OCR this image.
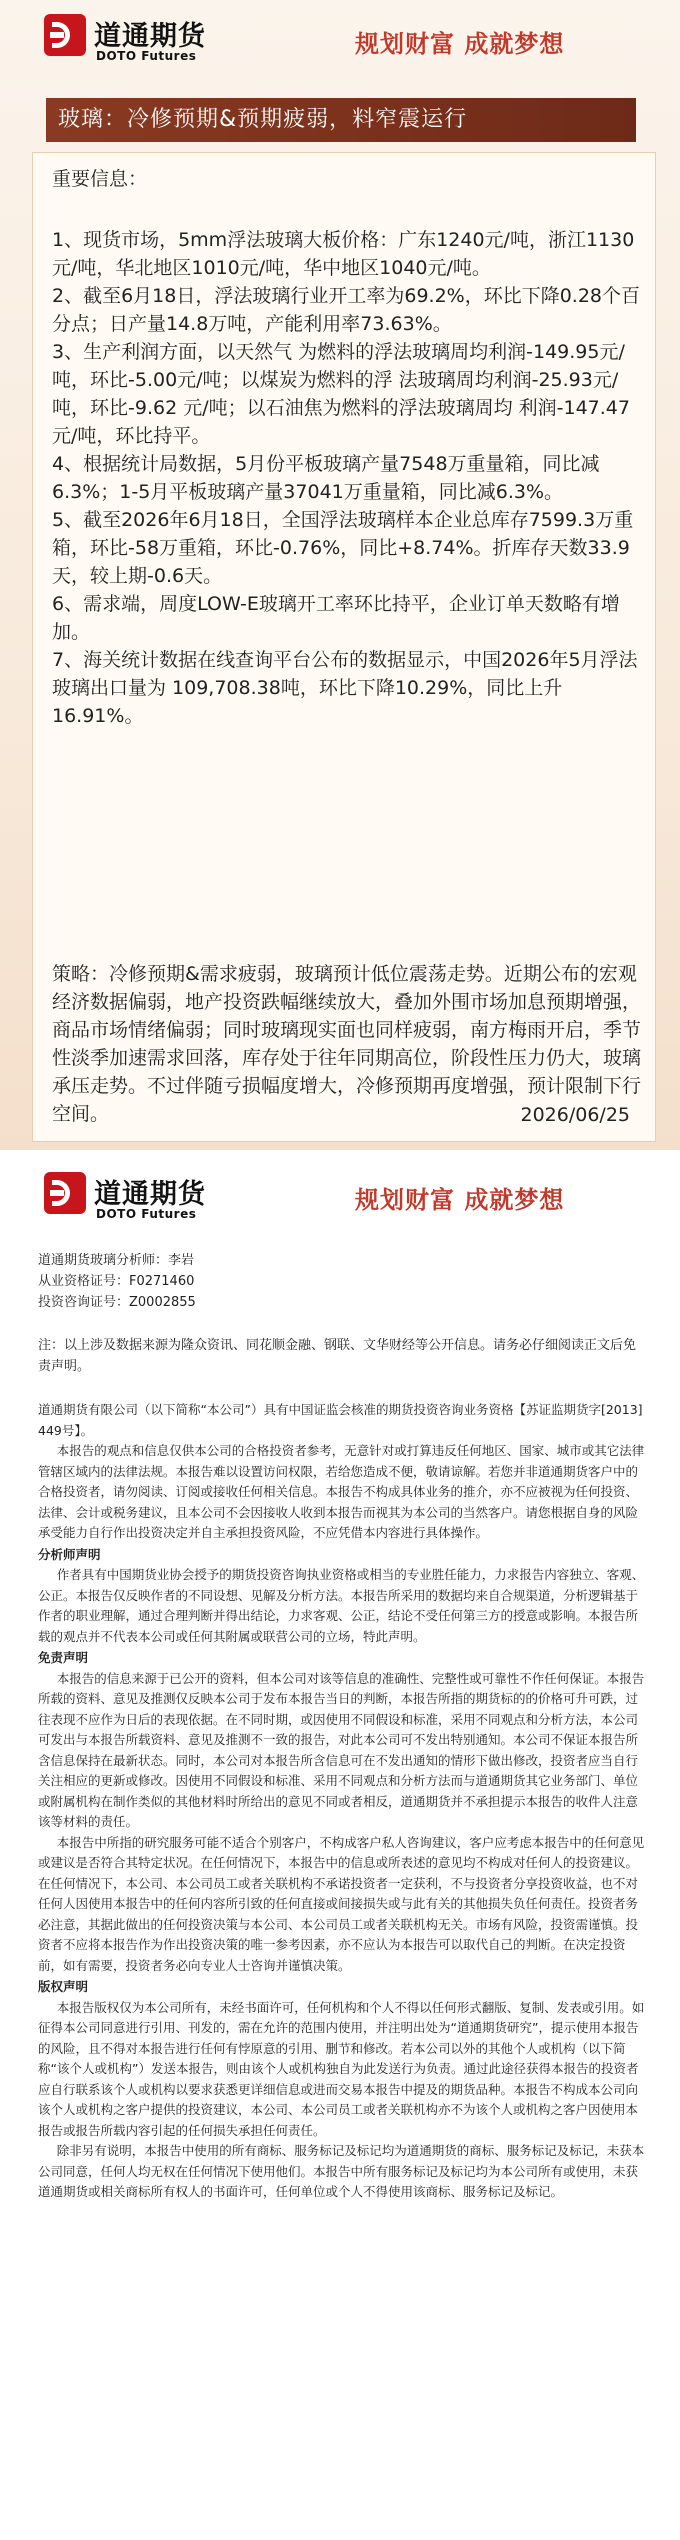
道通期货
DOTO Futures	规划财富 成就梦想
玻璃：冷修预期&预期疲弱，料窄震运行
重要信息：

1、现货市场，5mm浮法玻璃大板价格：广东1240元/吨，浙江1130元/吨，华北地区1010元/吨，华中地区1040元/吨。

2、截至6月18日，浮法玻璃行业开工率为69.2%，环比下降0.28个百分点；日产量14.8万吨，产能利用率73.63%。

3、生产利润方面，以天然气 为燃料的浮法玻璃周均利润-149.95元/ 吨，环比-5.00元/吨；以煤炭为燃料的浮 法玻璃周均利润-25.93元/吨，环比-9.62 元/吨；以石油焦为燃料的浮法玻璃周均 利润-147.47元/吨，环比持平。

4、根据统计局数据，5月份平板玻璃产量7548万重量箱，同比减6.3%；1-5月平板玻璃产量37041万重量箱，同比减6.3%。

5、截至2026年6月18日，全国浮法玻璃样本企业总库存7599.3万重箱，环比-58万重箱，环比-0.76%，同比+8.74%。折库存天数33.9天，较上期-0.6天。

6、需求端，周度LOW-E玻璃开工率环比持平，企业订单天数略有增加。

7、海关统计数据在线查询平台公布的数据显示，中国2026年5月浮法玻璃出口量为 109,708.38吨，环比下降10.29%，同比上升16.91%。

策略：冷修预期&需求疲弱，玻璃预计低位震荡走势。近期公布的宏观经济数据偏弱，地产投资跌幅继续放大，叠加外围市场加息预期增强，商品市场情绪偏弱；同时玻璃现实面也同样疲弱，南方梅雨开启，季节性淡季加速需求回落，库存处于往年同期高位，阶段性压力仍大，玻璃承压走势。不过伴随亏损幅度增大，冷修预期再度增强，预计限制下行空间。	2026/06/25
道通期货
DOTO Futures	规划财富 成就梦想
道通期货玻璃分析师：李岩
从业资格证号：F0271460
投资咨询证号：Z0002855

注：以上涉及数据来源为隆众资讯、同花顺金融、钢联、文华财经等公开信息。请务必仔细阅读正文后免责声明。

道通期货有限公司（以下简称“本公司”）具有中国证监会核准的期货投资咨询业务资格【苏证监期货字[2013] 449号】。

本报告的观点和信息仅供本公司的合格投资者参考，无意针对或打算违反任何地区、国家、城市或其它法律管辖区域内的法律法规。本报告难以设置访问权限，若给您造成不便，敬请谅解。若您并非道通期货客户中的合格投资者，请勿阅读、订阅或接收任何相关信息。本报告不构成具体业务的推介，亦不应被视为任何投资、法律、会计或税务建议，且本公司不会因接收人收到本报告而视其为本公司的当然客户。请您根据自身的风险承受能力自行作出投资决定并自主承担投资风险，不应凭借本内容进行具体操作。

分析师声明

作者具有中国期货业协会授予的期货投资咨询执业资格或相当的专业胜任能力，力求报告内容独立、客观、公正。本报告仅反映作者的不同设想、见解及分析方法。本报告所采用的数据均来自合规渠道，分析逻辑基于作者的职业理解，通过合理判断并得出结论，力求客观、公正，结论不受任何第三方的授意或影响。本报告所载的观点并不代表本公司或任何其附属或联营公司的立场，特此声明。

免责声明

本报告的信息来源于已公开的资料，但本公司对该等信息的准确性、完整性或可靠性不作任何保证。本报告所载的资料、意见及推测仅反映本公司于发布本报告当日的判断，本报告所指的期货标的的价格可升可跌，过往表现不应作为日后的表现依据。在不同时期，或因使用不同假设和标准，采用不同观点和分析方法，本公司可发出与本报告所载资料、意见及推测不一致的报告，对此本公司可不发出特别通知。本公司不保证本报告所含信息保持在最新状态。同时，本公司对本报告所含信息可在不发出通知的情形下做出修改，投资者应当自行关注相应的更新或修改。因使用不同假设和标准、采用不同观点和分析方法而与道通期货其它业务部门、单位或附属机构在制作类似的其他材料时所给出的意见不同或者相反，道通期货并不承担提示本报告的收件人注意该等材料的责任。

本报告中所指的研究服务可能不适合个别客户，不构成客户私人咨询建议，客户应考虑本报告中的任何意见或建议是否符合其特定状况。在任何情况下，本报告中的信息或所表述的意见均不构成对任何人的投资建议。在任何情况下，本公司、本公司员工或者关联机构不承诺投资者一定获利，不与投资者分享投资收益，也不对任何人因使用本报告中的任何内容所引致的任何直接或间接损失或与此有关的其他损失负任何责任。投资者务必注意，其据此做出的任何投资决策与本公司、本公司员工或者关联机构无关。市场有风险，投资需谨慎。投资者不应将本报告作为作出投资决策的唯一参考因素，亦不应认为本报告可以取代自己的判断。在决定投资前，如有需要，投资者务必向专业人士咨询并谨慎决策。

版权声明

本报告版权仅为本公司所有，未经书面许可，任何机构和个人不得以任何形式翻版、复制、发表或引用。如征得本公司同意进行引用、刊发的，需在允许的范围内使用，并注明出处为“道通期货研究”，提示使用本报告的风险，且不得对本报告进行任何有悖原意的引用、删节和修改。若本公司以外的其他个人或机构（以下简称“该个人或机构”）发送本报告，则由该个人或机构独自为此发送行为负责。通过此途径获得本报告的投资者应自行联系该个人或机构以要求获悉更详细信息或进而交易本报告中提及的期货品种。本报告不构成本公司向该个人或机构之客户提供的投资建议，本公司、本公司员工或者关联机构亦不为该个人或机构之客户因使用本报告或报告所载内容引起的任何损失承担任何责任。

除非另有说明，本报告中使用的所有商标、服务标记及标记均为道通期货的商标、服务标记及标记，未获本公司同意，任何人均无权在任何情况下使用他们。本报告中所有服务标记及标记均为本公司所有或使用，未获道通期货或相关商标所有权人的书面许可，任何单位或个人不得使用该商标、服务标记及标记。
